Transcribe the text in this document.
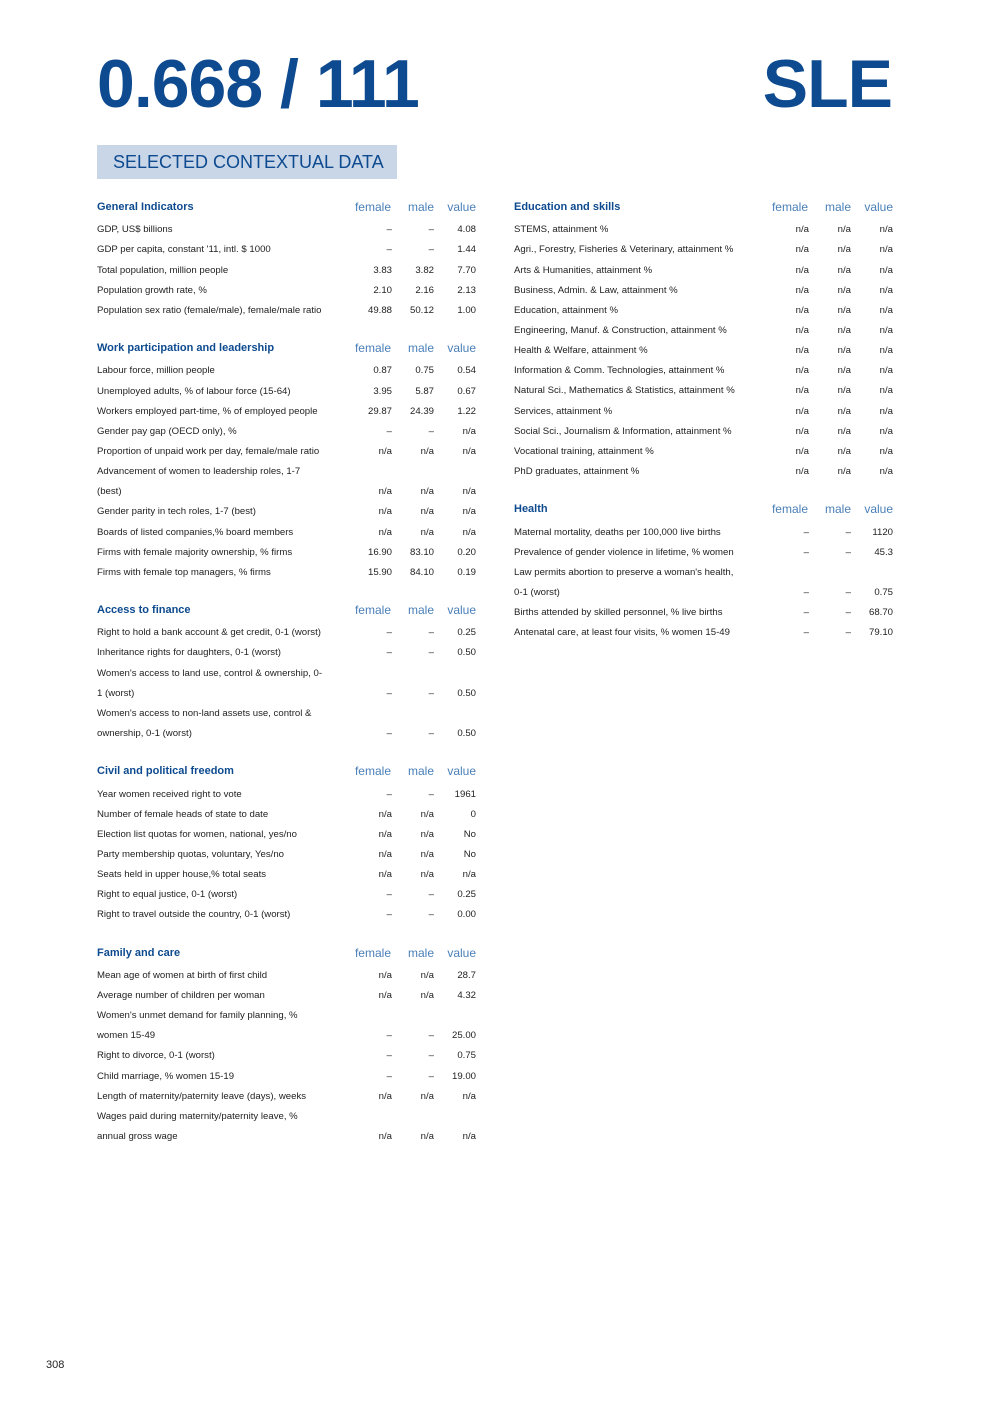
0.668 / 111	SLE
SELECTED CONTEXTUAL DATA
General Indicators	female male value
GDP, US$ billions	–	–	4.08
GDP per capita, constant '11, intl. $ 1000	–	–	1.44
Total population, million people	3.83	3.82	7.70
Population growth rate, %	2.10	2.16	2.13
Population sex ratio (female/male), female/male ratio	49.88	50.12	1.00
Work participation and leadership	female male value
Labour force, million people	0.87	0.75	0.54
Unemployed adults, % of labour force (15-64)	3.95	5.87	0.67
Workers employed part-time, % of employed people	29.87	24.39	1.22
Gender pay gap (OECD only), %	–	–	n/a
Proportion of unpaid work per day, female/male ratio	n/a	n/a	n/a
Advancement of women to leadership roles, 1-7
(best)	n/a	n/a	n/a
Gender parity in tech roles, 1-7 (best)	n/a	n/a	n/a
Boards of listed companies,% board members	n/a	n/a	n/a
Firms with female majority ownership, % firms	16.90	83.10	0.20
Firms with female top managers, % firms	15.90	84.10	0.19
Access to finance	female male value
Right to hold a bank account & get credit, 0-1 (worst)	–	–	0.25
Inheritance rights for daughters, 0-1 (worst)	–	–	0.50
Women's access to land use, control & ownership, 0-
1 (worst)	–	–	0.50
Women's access to non-land assets use, control &
ownership, 0-1 (worst)	–	–	0.50
Civil and political freedom	female male value
Year women received right to vote	–	–	1961
Number of female heads of state to date	n/a	n/a	0
Election list quotas for women, national, yes/no	n/a	n/a	No
Party membership quotas, voluntary, Yes/no	n/a	n/a	No
Seats held in upper house,% total seats	n/a	n/a	n/a
Right to equal justice, 0-1 (worst)	–	–	0.25
Right to travel outside the country, 0-1 (worst)	–	–	0.00
Family and care	female male value
Mean age of women at birth of first child	n/a	n/a	28.7
Average number of children per woman	n/a	n/a	4.32
Women's unmet demand for family planning, %
women 15-49	–	–	25.00
Right to divorce, 0-1 (worst)	–	–	0.75
Child marriage, % women 15-19	–	–	19.00
Length of maternity/paternity leave (days), weeks	n/a	n/a	n/a
Wages paid during maternity/paternity leave, %
annual gross wage	n/a	n/a	n/a
Education and skills	female male value
STEMS, attainment %	n/a	n/a	n/a
Agri., Forestry, Fisheries & Veterinary, attainment %	n/a	n/a	n/a
Arts & Humanities, attainment %	n/a	n/a	n/a
Business, Admin. & Law, attainment %	n/a	n/a	n/a
Education, attainment %	n/a	n/a	n/a
Engineering, Manuf. & Construction, attainment %	n/a	n/a	n/a
Health & Welfare, attainment %	n/a	n/a	n/a
Information & Comm. Technologies, attainment %	n/a	n/a	n/a
Natural Sci., Mathematics & Statistics, attainment %	n/a	n/a	n/a
Services, attainment %	n/a	n/a	n/a
Social Sci., Journalism & Information, attainment %	n/a	n/a	n/a
Vocational training, attainment %	n/a	n/a	n/a
PhD graduates, attainment %	n/a	n/a	n/a
Health	female male value
Maternal mortality, deaths per 100,000 live births	–	–	1120
Prevalence of gender violence in lifetime, % women	–	–	45.3
Law permits abortion to preserve a woman's health,
0-1 (worst)	–	–	0.75
Births attended by skilled personnel, % live births	–	–	68.70
Antenatal care, at least four visits, % women 15-49	–	–	79.10
308
